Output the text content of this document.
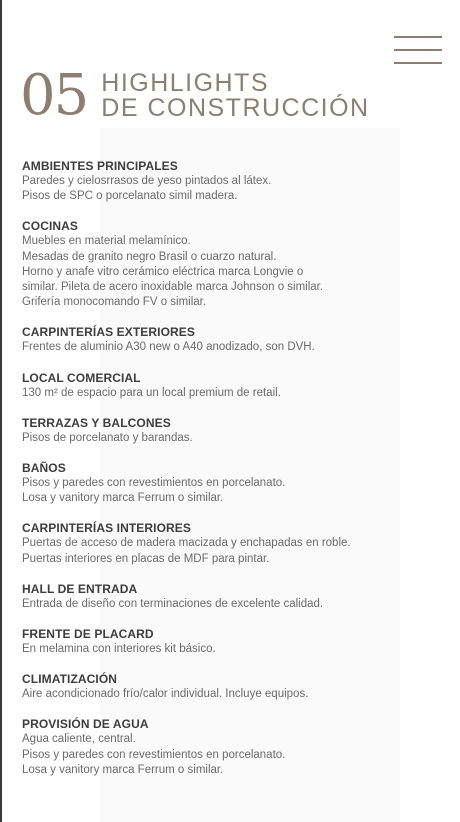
05 HIGHLIGHTS
DE CONSTRUCCIÓN
AMBIENTES PRINCIPALES
Paredes y cielosrrasos de yeso pintados al látex.
Pisos de SPC o porcelanato simil madera.
COCINAS
Muebles en material melamínico.
Mesadas de granito negro Brasil o cuarzo natural.
Horno y anafe vitro cerámico eléctrica marca Longvie o
similar. Pileta de acero inoxidable marca Johnson o similar.
Grifería monocomando FV o similar.
CARPINTERÍAS EXTERIORES
Frentes de aluminio A30 new o A40 anodizado, son DVH.
LOCAL COMERCIAL
130 m² de espacio para un local premium de retail.
TERRAZAS Y BALCONES
Pisos de porcelanato y barandas.
BAÑOS
Pisos y paredes con revestimientos en porcelanato.
Losa y vanitory marca Ferrum o similar.
CARPINTERÍAS INTERIORES
Puertas de acceso de madera macizada y enchapadas en roble.
Puertas interiores en placas de MDF para pintar.
HALL DE ENTRADA
Entrada de diseño con terminaciones de excelente calidad.
FRENTE DE PLACARD
En melamina con interiores kit básico.
CLIMATIZACIÓN
Aire acondicionado frío/calor individual. Incluye equipos.
PROVISIÓN DE AGUA
Agua caliente, central.
Pisos y paredes con revestimientos en porcelanato.
Losa y vanitory marca Ferrum o similar.
